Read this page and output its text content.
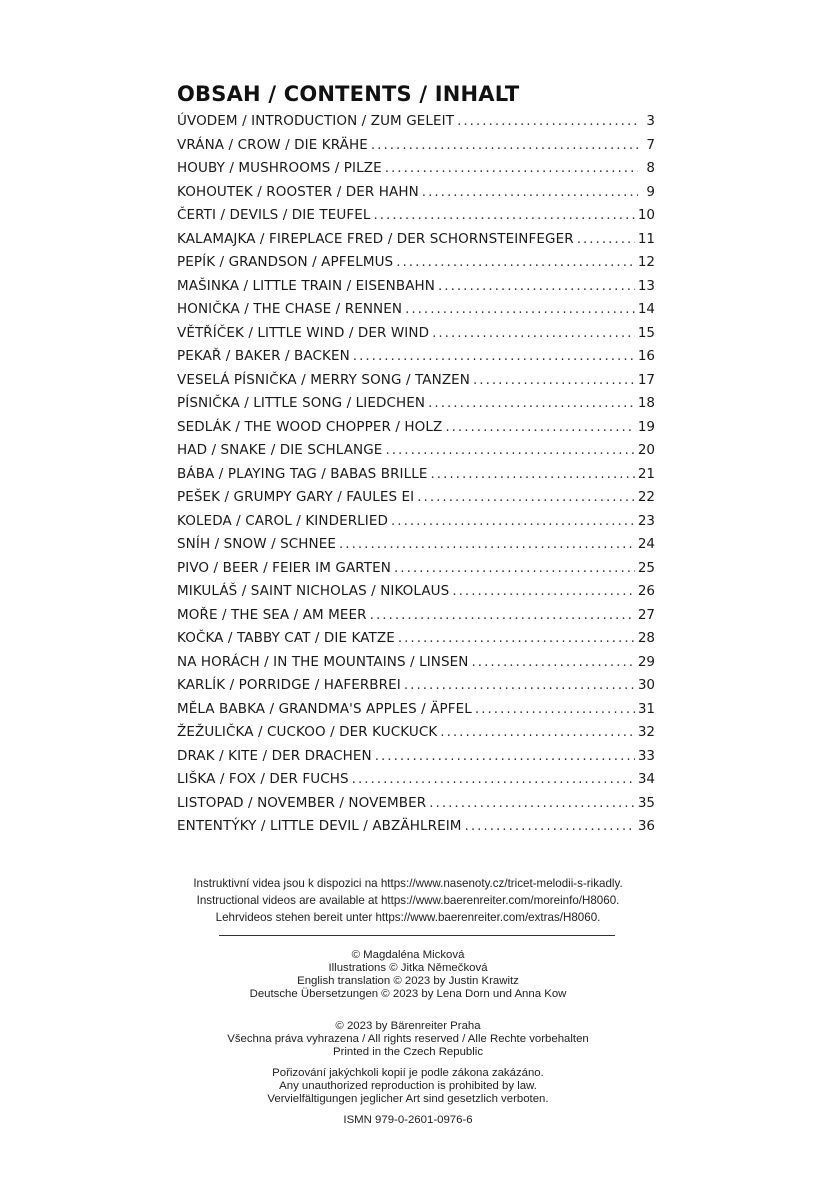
OBSAH / CONTENTS / INHALT
ÚVODEM / INTRODUCTION / ZUM GELEIT .....	3
VRÁNA / CROW / DIE KRÄHE .....	7
HOUBY / MUSHROOMS / PILZE .....	8
KOHOUTEK / ROOSTER / DER HAHN .....	9
ČERTI / DEVILS / DIE TEUFEL .....	10
KALAMAJKA / FIREPLACE FRED / DER SCHORNSTEINFEGER .....	11
PEPÍK / GRANDSON / APFELMUS .....	12
MAŠINKA / LITTLE TRAIN / EISENBAHN .....	13
HONIČKA / THE CHASE / RENNEN .....	14
VĚTŘÍČEK / LITTLE WIND / DER WIND .....	15
PEKAŘ / BAKER / BACKEN .....	16
VESELÁ PÍSNIČKA / MERRY SONG / TANZEN .....	17
PÍSNIČKA / LITTLE SONG / LIEDCHEN .....	18
SEDLÁK / THE WOOD CHOPPER / HOLZ .....	19
HAD / SNAKE / DIE SCHLANGE .....	20
BÁBA / PLAYING TAG / BABAS BRILLE .....	21
PEŠEK / GRUMPY GARY / FAULES EI .....	22
KOLEDA / CAROL / KINDERLIED .....	23
SNÍH / SNOW / SCHNEE .....	24
PIVO / BEER / FEIER IM GARTEN .....	25
MIKULÁŠ / SAINT NICHOLAS / NIKOLAUS .....	26
MOŘE / THE SEA / AM MEER .....	27
KOČKA / TABBY CAT / DIE KATZE .....	28
NA HORÁCH / IN THE MOUNTAINS / LINSEN .....	29
KARLÍK / PORRIDGE / HAFERBREI .....	30
MĚLA BABKA / GRANDMA'S APPLES / ÄPFEL .....	31
ŽEŽULIČKA / CUCKOO / DER KUCKUCK .....	32
DRAK / KITE / DER DRACHEN .....	33
LIŠKA / FOX / DER FUCHS .....	34
LISTOPAD / NOVEMBER / NOVEMBER .....	35
ENTENTÝKY / LITTLE DEVIL / ABZÄHLREIM .....	36
Instruktivní videa jsou k dispozici na https://www.nasenoty.cz/tricet-melodii-s-rikadly.
Instructional videos are available at https://www.baerenreiter.com/moreinfo/H8060.
Lehrvideos stehen bereit unter https://www.baerenreiter.com/extras/H8060.
© Magdaléna Micková
Illustrations © Jitka Němečková
English translation © 2023 by Justin Krawitz
Deutsche Übersetzungen © 2023 by Lena Dorn und Anna Kow
© 2023 by Bärenreiter Praha
Všechna práva vyhrazena / All rights reserved / Alle Rechte vorbehalten
Printed in the Czech Republic
Pořizování jakýchkoli kopií je podle zákona zakázáno.
Any unauthorized reproduction is prohibited by law.
Vervielfältigungen jeglicher Art sind gesetzlich verboten.
ISMN 979-0-2601-0976-6
